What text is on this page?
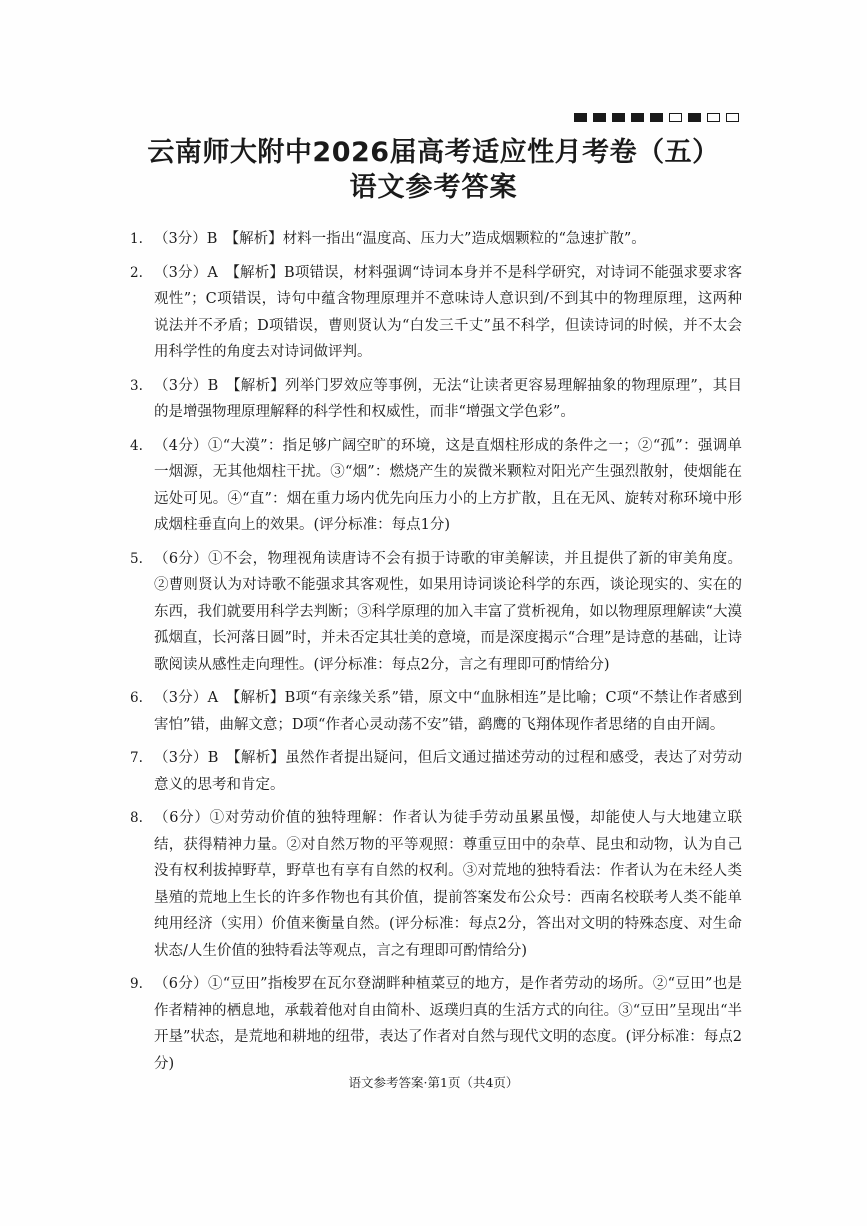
云南师大附中2026届高考适应性月考卷（五）
语文参考答案
1. （3分）B　【解析】材料一指出“温度高、压力大”造成烟颗粒的“急速扩散”。
2. （3分）A　【解析】B项错误，材料强调“诗词本身并不是科学研究，对诗词不能强求要求客观性”；C项错误，诗句中蕴含物理原理并不意味诗人意识到/不到其中的物理原理，这两种说法并不矛盾；D项错误，曹则贤认为“白发三千丈”虽不科学，但读诗词的时候，并不太会用科学性的角度去对诗词做评判。
3. （3分）B　【解析】列举门罗效应等事例，无法“让读者更容易理解抽象的物理原理”，其目的是增强物理原理解释的科学性和权威性，而非“增强文学色彩”。
4. （4分）①“大漠”：指足够广阔空旷的环境，这是直烟柱形成的条件之一；②“孤”：强调单一烟源，无其他烟柱干扰。③“烟”：燃烧产生的炭微米颗粒对阳光产生强烈散射，使烟能在远处可见。④“直”：烟在重力场内优先向压力小的上方扩散，且在无风、旋转对称环境中形成烟柱垂直向上的效果。(评分标准：每点1分)
5. （6分）①不会，物理视角读唐诗不会有损于诗歌的审美解读，并且提供了新的审美角度。②曹则贤认为对诗歌不能强求其客观性，如果用诗词谈论科学的东西，谈论现实的、实在的东西，我们就要用科学去判断；③科学原理的加入丰富了赏析视角，如以物理原理解读“大漠孤烟直，长河落日圆”时，并未否定其壮美的意境，而是深度揭示“合理”是诗意的基础，让诗歌阅读从感性走向理性。(评分标准：每点2分，言之有理即可酌情给分)
6. （3分）A　【解析】B项“有亲缘关系”错，原文中“血脉相连”是比喻；C项“不禁让作者感到害怕”错，曲解文意；D项“作者心灵动荡不安”错，鹞鹰的飞翔体现作者思绪的自由开阔。
7. （3分）B　【解析】虽然作者提出疑问，但后文通过描述劳动的过程和感受，表达了对劳动意义的思考和肯定。
8. （6分）①对劳动价值的独特理解：作者认为徒手劳动虽累虽慢，却能使人与大地建立联结，获得精神力量。②对自然万物的平等观照：尊重豆田中的杂草、昆虫和动物，认为自己没有权利拔掉野草，野草也有享有自然的权利。③对荒地的独特看法：作者认为在未经人类垦殖的荒地上生长的许多作物也有其价值，提前答案发布公众号：西南名校联考人类不能单纯用经济（实用）价值来衡量自然。(评分标准：每点2分，答出对文明的特殊态度、对生命状态/人生价值的独特看法等观点，言之有理即可酌情给分)
9. （6分）①“豆田”指梭罗在瓦尔登湖畔种植菜豆的地方，是作者劳动的场所。②“豆田”也是作者精神的栖息地，承载着他对自由简朴、返璞归真的生活方式的向往。③“豆田”呈现出“半开垦”状态，是荒地和耕地的纽带，表达了作者对自然与现代文明的态度。(评分标准：每点2分)
语文参考答案·第1页（共4页）
